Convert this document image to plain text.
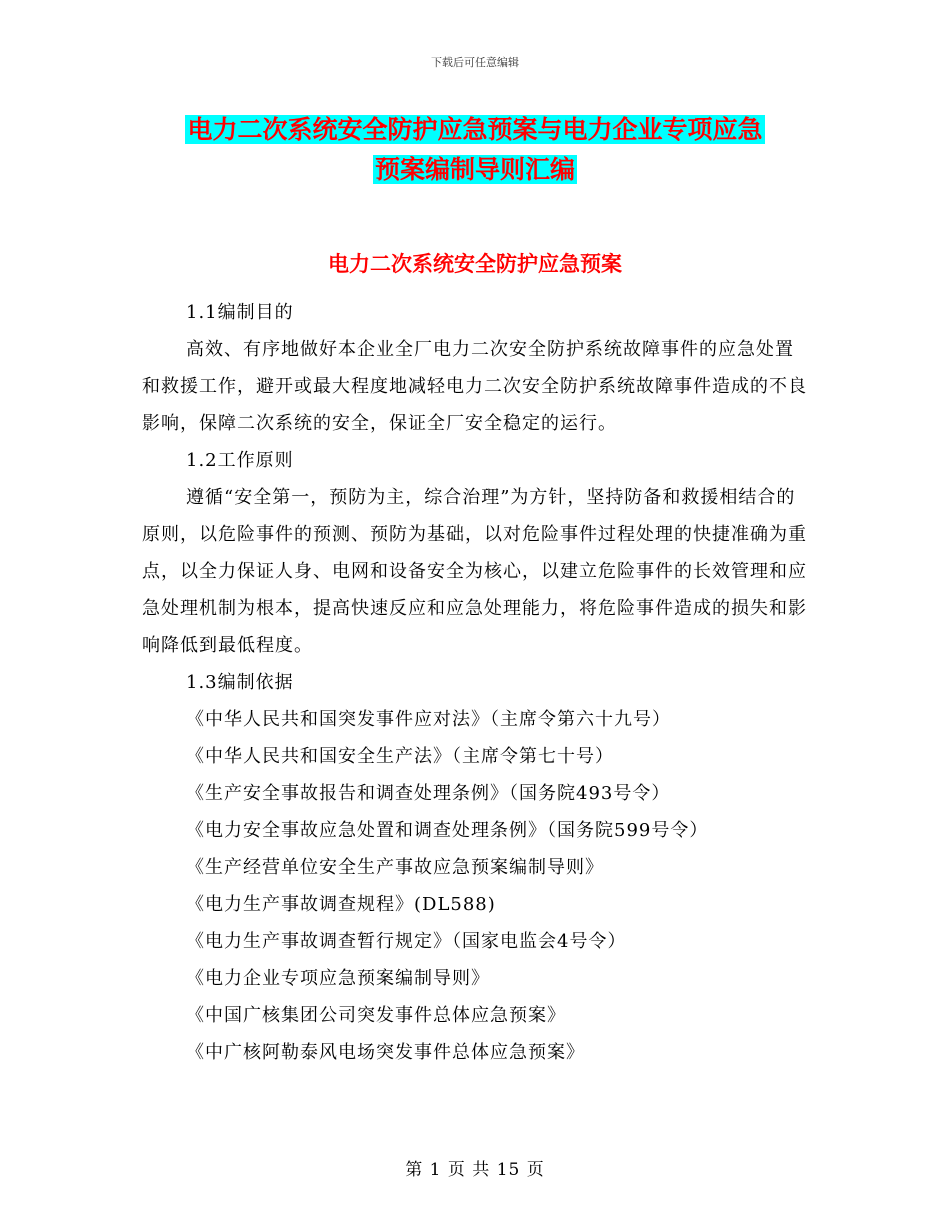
下载后可任意编辑
电力二次系统安全防护应急预案与电力企业专项应急
预案编制导则汇编
电力二次系统安全防护应急预案

1.1编制目的

高效、有序地做好本企业全厂电力二次安全防护系统故障事件的应急处置和救援工作，避开或最大程度地减轻电力二次安全防护系统故障事件造成的不良影响，保障二次系统的安全，保证全厂安全稳定的运行。

1.2工作原则

遵循“安全第一，预防为主，综合治理”为方针，坚持防备和救援相结合的原则，以危险事件的预测、预防为基础，以对危险事件过程处理的快捷准确为重点，以全力保证人身、电网和设备安全为核心，以建立危险事件的长效管理和应急处理机制为根本，提高快速反应和应急处理能力，将危险事件造成的损失和影响降低到最低程度。

1.3编制依据

《中华人民共和国突发事件应对法》（主席令第六十九号）

《中华人民共和国安全生产法》（主席令第七十号）

《生产安全事故报告和调查处理条例》（国务院493号令）

《电力安全事故应急处置和调查处理条例》（国务院599号令）

《生产经营单位安全生产事故应急预案编制导则》

《电力生产事故调查规程》(DL588)

《电力生产事故调查暂行规定》（国家电监会4号令）

《电力企业专项应急预案编制导则》

《中国广核集团公司突发事件总体应急预案》

《中广核阿勒泰风电场突发事件总体应急预案》

第 1 页 共 15 页
